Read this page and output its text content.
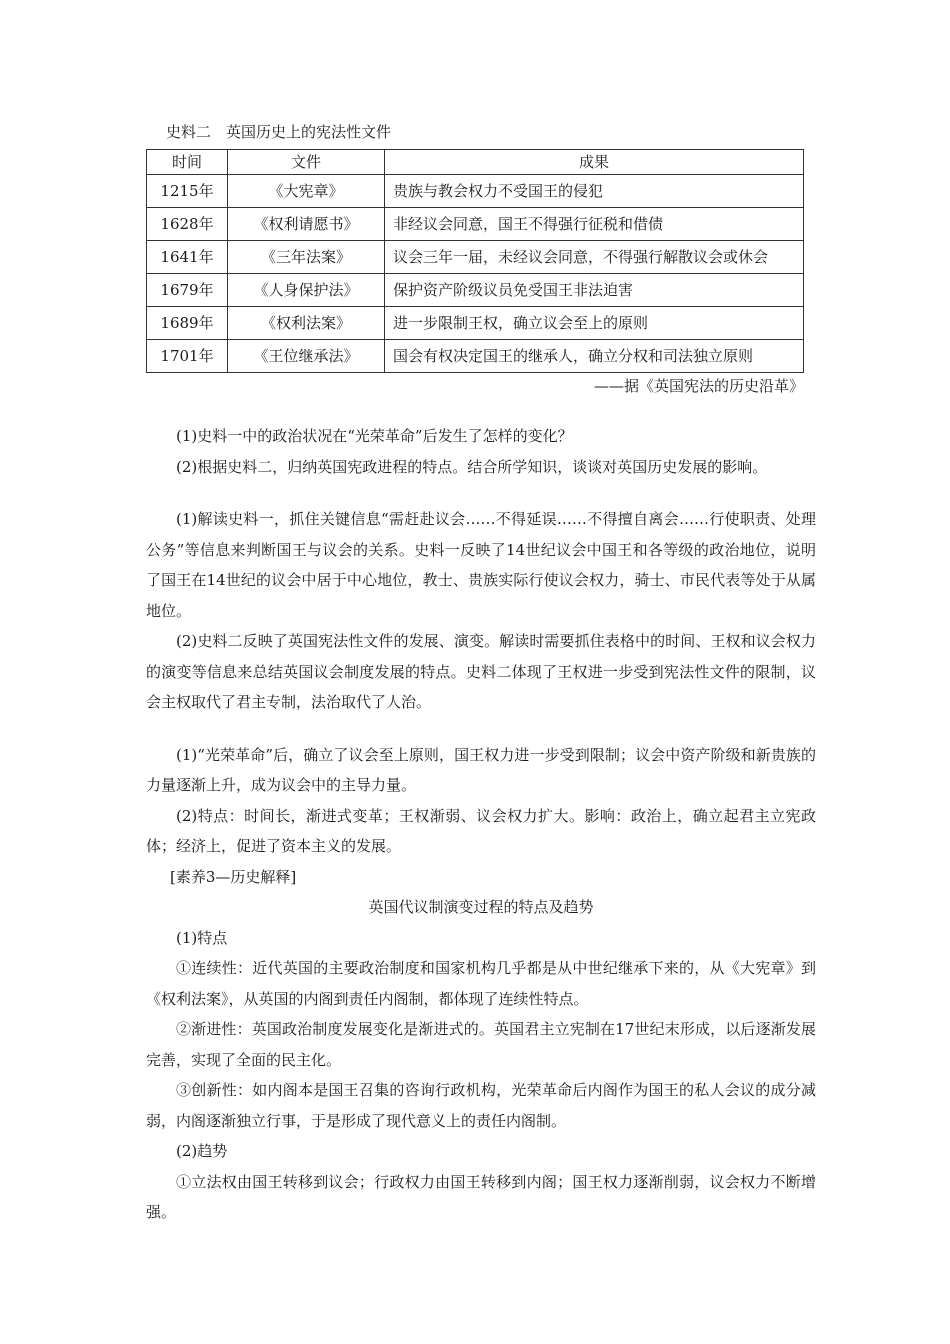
史料二　英国历史上的宪法性文件
时间	文件	成果
1215年	《大宪章》	贵族与教会权力不受国王的侵犯
1628年	《权利请愿书》	非经议会同意，国王不得强行征税和借债
1641年	《三年法案》	议会三年一届，未经议会同意，不得强行解散议会或休会
1679年	《人身保护法》	保护资产阶级议员免受国王非法迫害
1689年	《权利法案》	进一步限制王权，确立议会至上的原则
1701年	《王位继承法》	国会有权决定国王的继承人，确立分权和司法独立原则
——据《英国宪法的历史沿革》

(1)史料一中的政治状况在“光荣革命”后发生了怎样的变化？

(2)根据史料二，归纳英国宪政进程的特点。结合所学知识，谈谈对英国历史发展的影响。

(1)解读史料一，抓住关键信息“需赶赴议会……不得延误……不得擅自离会……行使职责、处理公务”等信息来判断国王与议会的关系。史料一反映了14世纪议会中国王和各等级的政治地位，说明了国王在14世纪的议会中居于中心地位，教士、贵族实际行使议会权力，骑士、市民代表等处于从属地位。

(2)史料二反映了英国宪法性文件的发展、演变。解读时需要抓住表格中的时间、王权和议会权力的演变等信息来总结英国议会制度发展的特点。史料二体现了王权进一步受到宪法性文件的限制，议会主权取代了君主专制，法治取代了人治。

(1)“光荣革命”后，确立了议会至上原则，国王权力进一步受到限制；议会中资产阶级和新贵族的力量逐渐上升，成为议会中的主导力量。

(2)特点：时间长，渐进式变革；王权渐弱、议会权力扩大。影响：政治上，确立起君主立宪政体；经济上，促进了资本主义的发展。

[素养3—历史解释]

英国代议制演变过程的特点及趋势

(1)特点

①连续性：近代英国的主要政治制度和国家机构几乎都是从中世纪继承下来的，从《大宪章》到《权利法案》，从英国的内阁到责任内阁制，都体现了连续性特点。

②渐进性：英国政治制度发展变化是渐进式的。英国君主立宪制在17世纪末形成，以后逐渐发展完善，实现了全面的民主化。

③创新性：如内阁本是国王召集的咨询行政机构，光荣革命后内阁作为国王的私人会议的成分减弱，内阁逐渐独立行事，于是形成了现代意义上的责任内阁制。

(2)趋势

①立法权由国王转移到议会；行政权力由国王转移到内阁；国王权力逐渐削弱，议会权力不断增强。
